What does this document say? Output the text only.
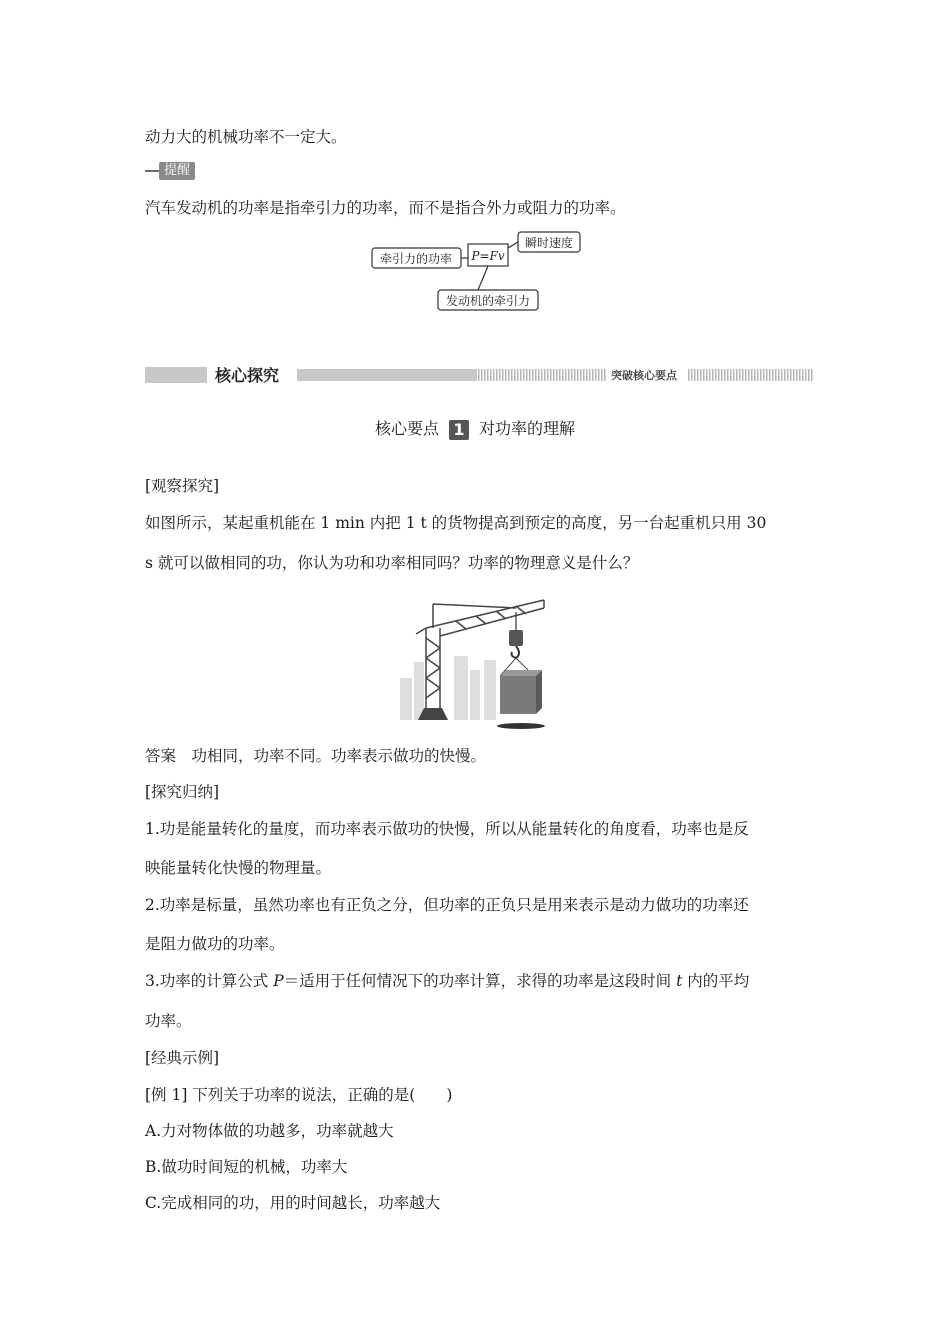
动力大的机械功率不一定大。
提醒
汽车发动机的功率是指牵引力的功率，而不是指合外力或阻力的功率。
牵引力的功率 P=Fv
瞬时速度
发动机的牵引力
核心探究	突破核心要点
核心要点 1 对功率的理解
[观察探究]
如图所示，某起重机能在 1 min 内把 1 t 的货物提高到预定的高度，另一台起重机只用 30
s 就可以做相同的功，你认为功和功率相同吗？功率的物理意义是什么？
答案　功相同，功率不同。功率表示做功的快慢。
[探究归纳]
1.功是能量转化的量度，而功率表示做功的快慢，所以从能量转化的角度看，功率也是反
映能量转化快慢的物理量。
2.功率是标量，虽然功率也有正负之分，但功率的正负只是用来表示是动力做功的功率还
是阻力做功的功率。
3.功率的计算公式 P＝适用于任何情况下的功率计算，求得的功率是这段时间 t 内的平均
功率。
[经典示例]
[例 1] 下列关于功率的说法，正确的是(　　)
A.力对物体做的功越多，功率就越大
B.做功时间短的机械，功率大
C.完成相同的功，用的时间越长，功率越大
